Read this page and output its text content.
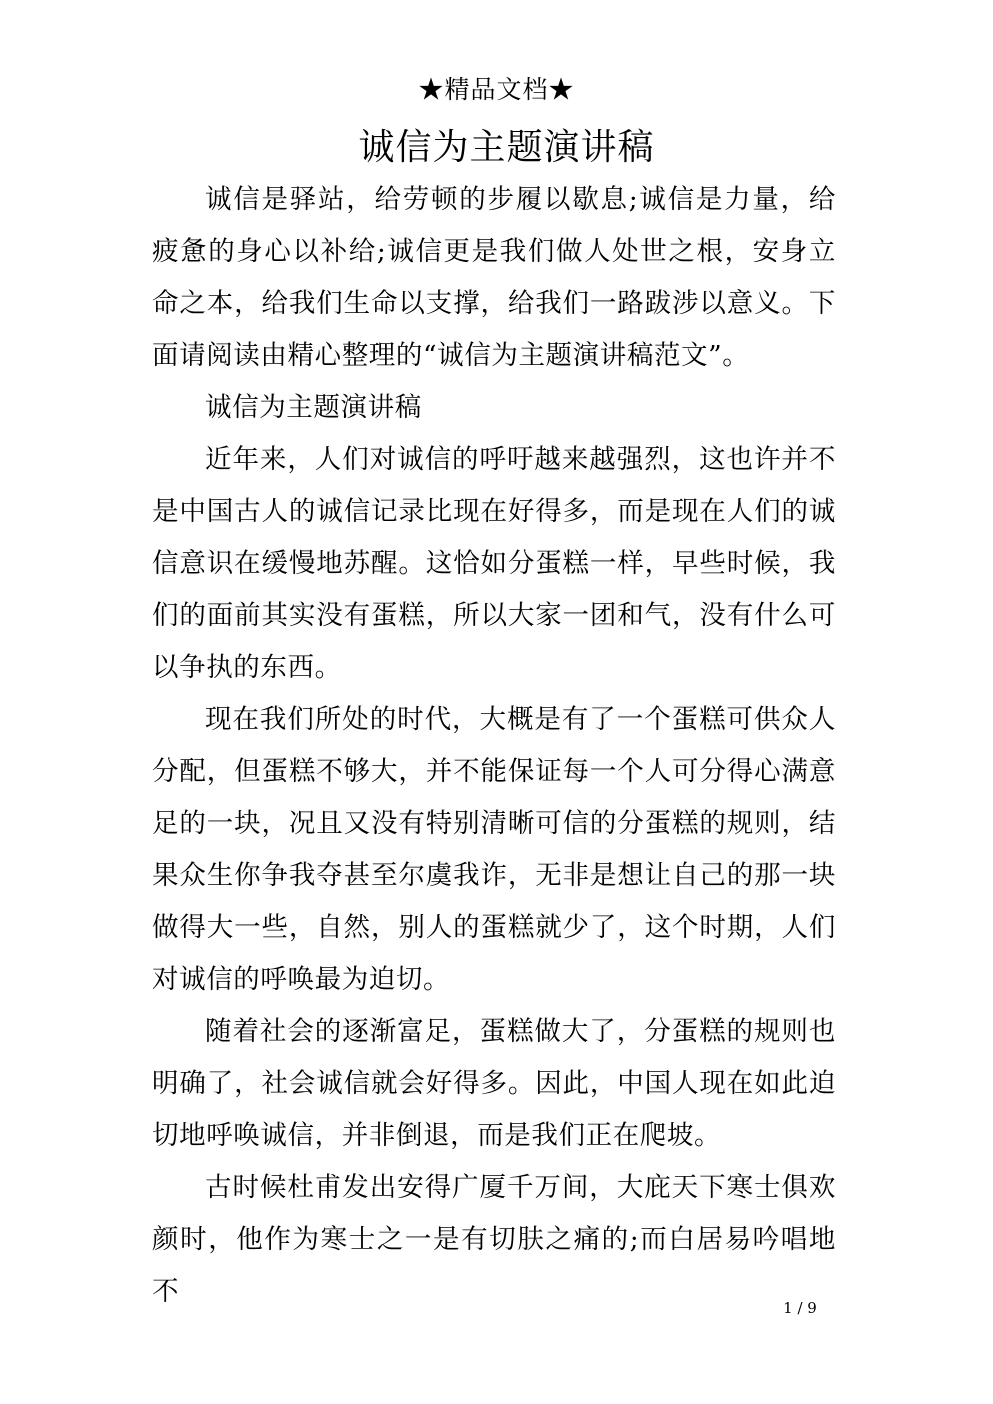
★精品文档★
诚信为主题演讲稿

诚信是驿站，给劳顿的步履以歇息;诚信是力量，给疲惫的身心以补给;诚信更是我们做人处世之根，安身立命之本，给我们生命以支撑，给我们一路跋涉以意义。下面请阅读由精心整理的“诚信为主题演讲稿范文”。

诚信为主题演讲稿

近年来，人们对诚信的呼吁越来越强烈，这也许并不是中国古人的诚信记录比现在好得多，而是现在人们的诚信意识在缓慢地苏醒。这恰如分蛋糕一样，早些时候，我们的面前其实没有蛋糕，所以大家一团和气，没有什么可以争执的东西。

现在我们所处的时代，大概是有了一个蛋糕可供众人分配，但蛋糕不够大，并不能保证每一个人可分得心满意足的一块，况且又没有特别清晰可信的分蛋糕的规则，结果众生你争我夺甚至尔虞我诈，无非是想让自己的那一块做得大一些，自然，别人的蛋糕就少了，这个时期，人们对诚信的呼唤最为迫切。

随着社会的逐渐富足，蛋糕做大了，分蛋糕的规则也明确了，社会诚信就会好得多。因此，中国人现在如此迫切地呼唤诚信，并非倒退，而是我们正在爬坡。

古时候杜甫发出安得广厦千万间，大庇天下寒士俱欢颜时，他作为寒士之一是有切肤之痛的;而白居易吟唱地不

1 / 9
